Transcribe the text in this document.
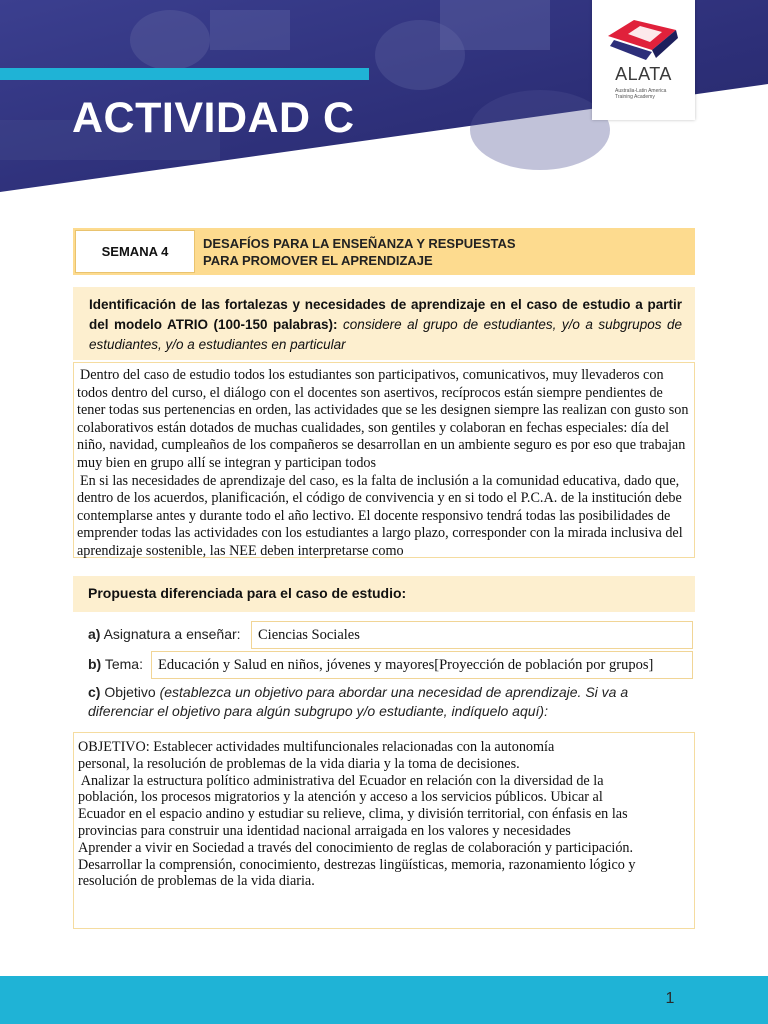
ACTIVIDAD C
ALATA
Australia-Latin America Training Academy
SEMANA 4
DESAFÍOS PARA LA ENSEÑANZA Y RESPUESTAS
PARA PROMOVER EL APRENDIZAJE
Identificación de las fortalezas y necesidades de aprendizaje en el caso de estudio a partir del modelo ATRIO (100-150 palabras): considere al grupo de estudiantes, y/o a subgrupos de estudiantes, y/o a estudiantes en particular

Dentro del caso de estudio todos los estudiantes son participativos, comunicativos, muy llevaderos con todos dentro del curso, el diálogo con el docentes son asertivos, recíprocos están siempre pendientes de tener todas sus pertenencias en orden, las actividades que se les designen siempre las realizan con gusto son colaborativos están dotados de muchas cualidades, son gentiles y colaboran en fechas especiales: día del niño, navidad, cumpleaños de los compañeros se desarrollan en un ambiente seguro es por eso que trabajan muy bien en grupo allí se integran y participan todos

En si las necesidades de aprendizaje del caso, es la falta de inclusión a la comunidad educativa, dado que, dentro de los acuerdos, planificación, el código de convivencia y en si todo el P.C.A. de la institución debe contemplarse antes y durante todo el año lectivo. El docente responsivo tendrá todas las posibilidades de emprender todas las actividades con los estudiantes a largo plazo, corresponder con la mirada inclusiva del aprendizaje sostenible, las NEE deben interpretarse como

Propuesta diferenciada para el caso de estudio:
a) Asignatura a enseñar:	Ciencias Sociales
b) Tema:	Educación y Salud en niños, jóvenes y mayores[Proyección de población por grupos]
c) Objetivo (establezca un objetivo para abordar una necesidad de aprendizaje. Si va a diferenciar el objetivo para algún subgrupo y/o estudiante, indíquelo aquí):
OBJETIVO: Establecer actividades multifuncionales relacionadas con la autonomía
personal, la resolución de problemas de la vida diaria y la toma de decisiones.
Analizar la estructura político administrativa del Ecuador en relación con la diversidad de la
población, los procesos migratorios y la atención y acceso a los servicios públicos. Ubicar al
Ecuador en el espacio andino y estudiar su relieve, clima, y división territorial, con énfasis en las
provincias para construir una identidad nacional arraigada en los valores y necesidades
Aprender a vivir en Sociedad a través del conocimiento de reglas de colaboración y participación.
Desarrollar la comprensión, conocimiento, destrezas lingüísticas, memoria, razonamiento lógico y
resolución de problemas de la vida diaria.
1
